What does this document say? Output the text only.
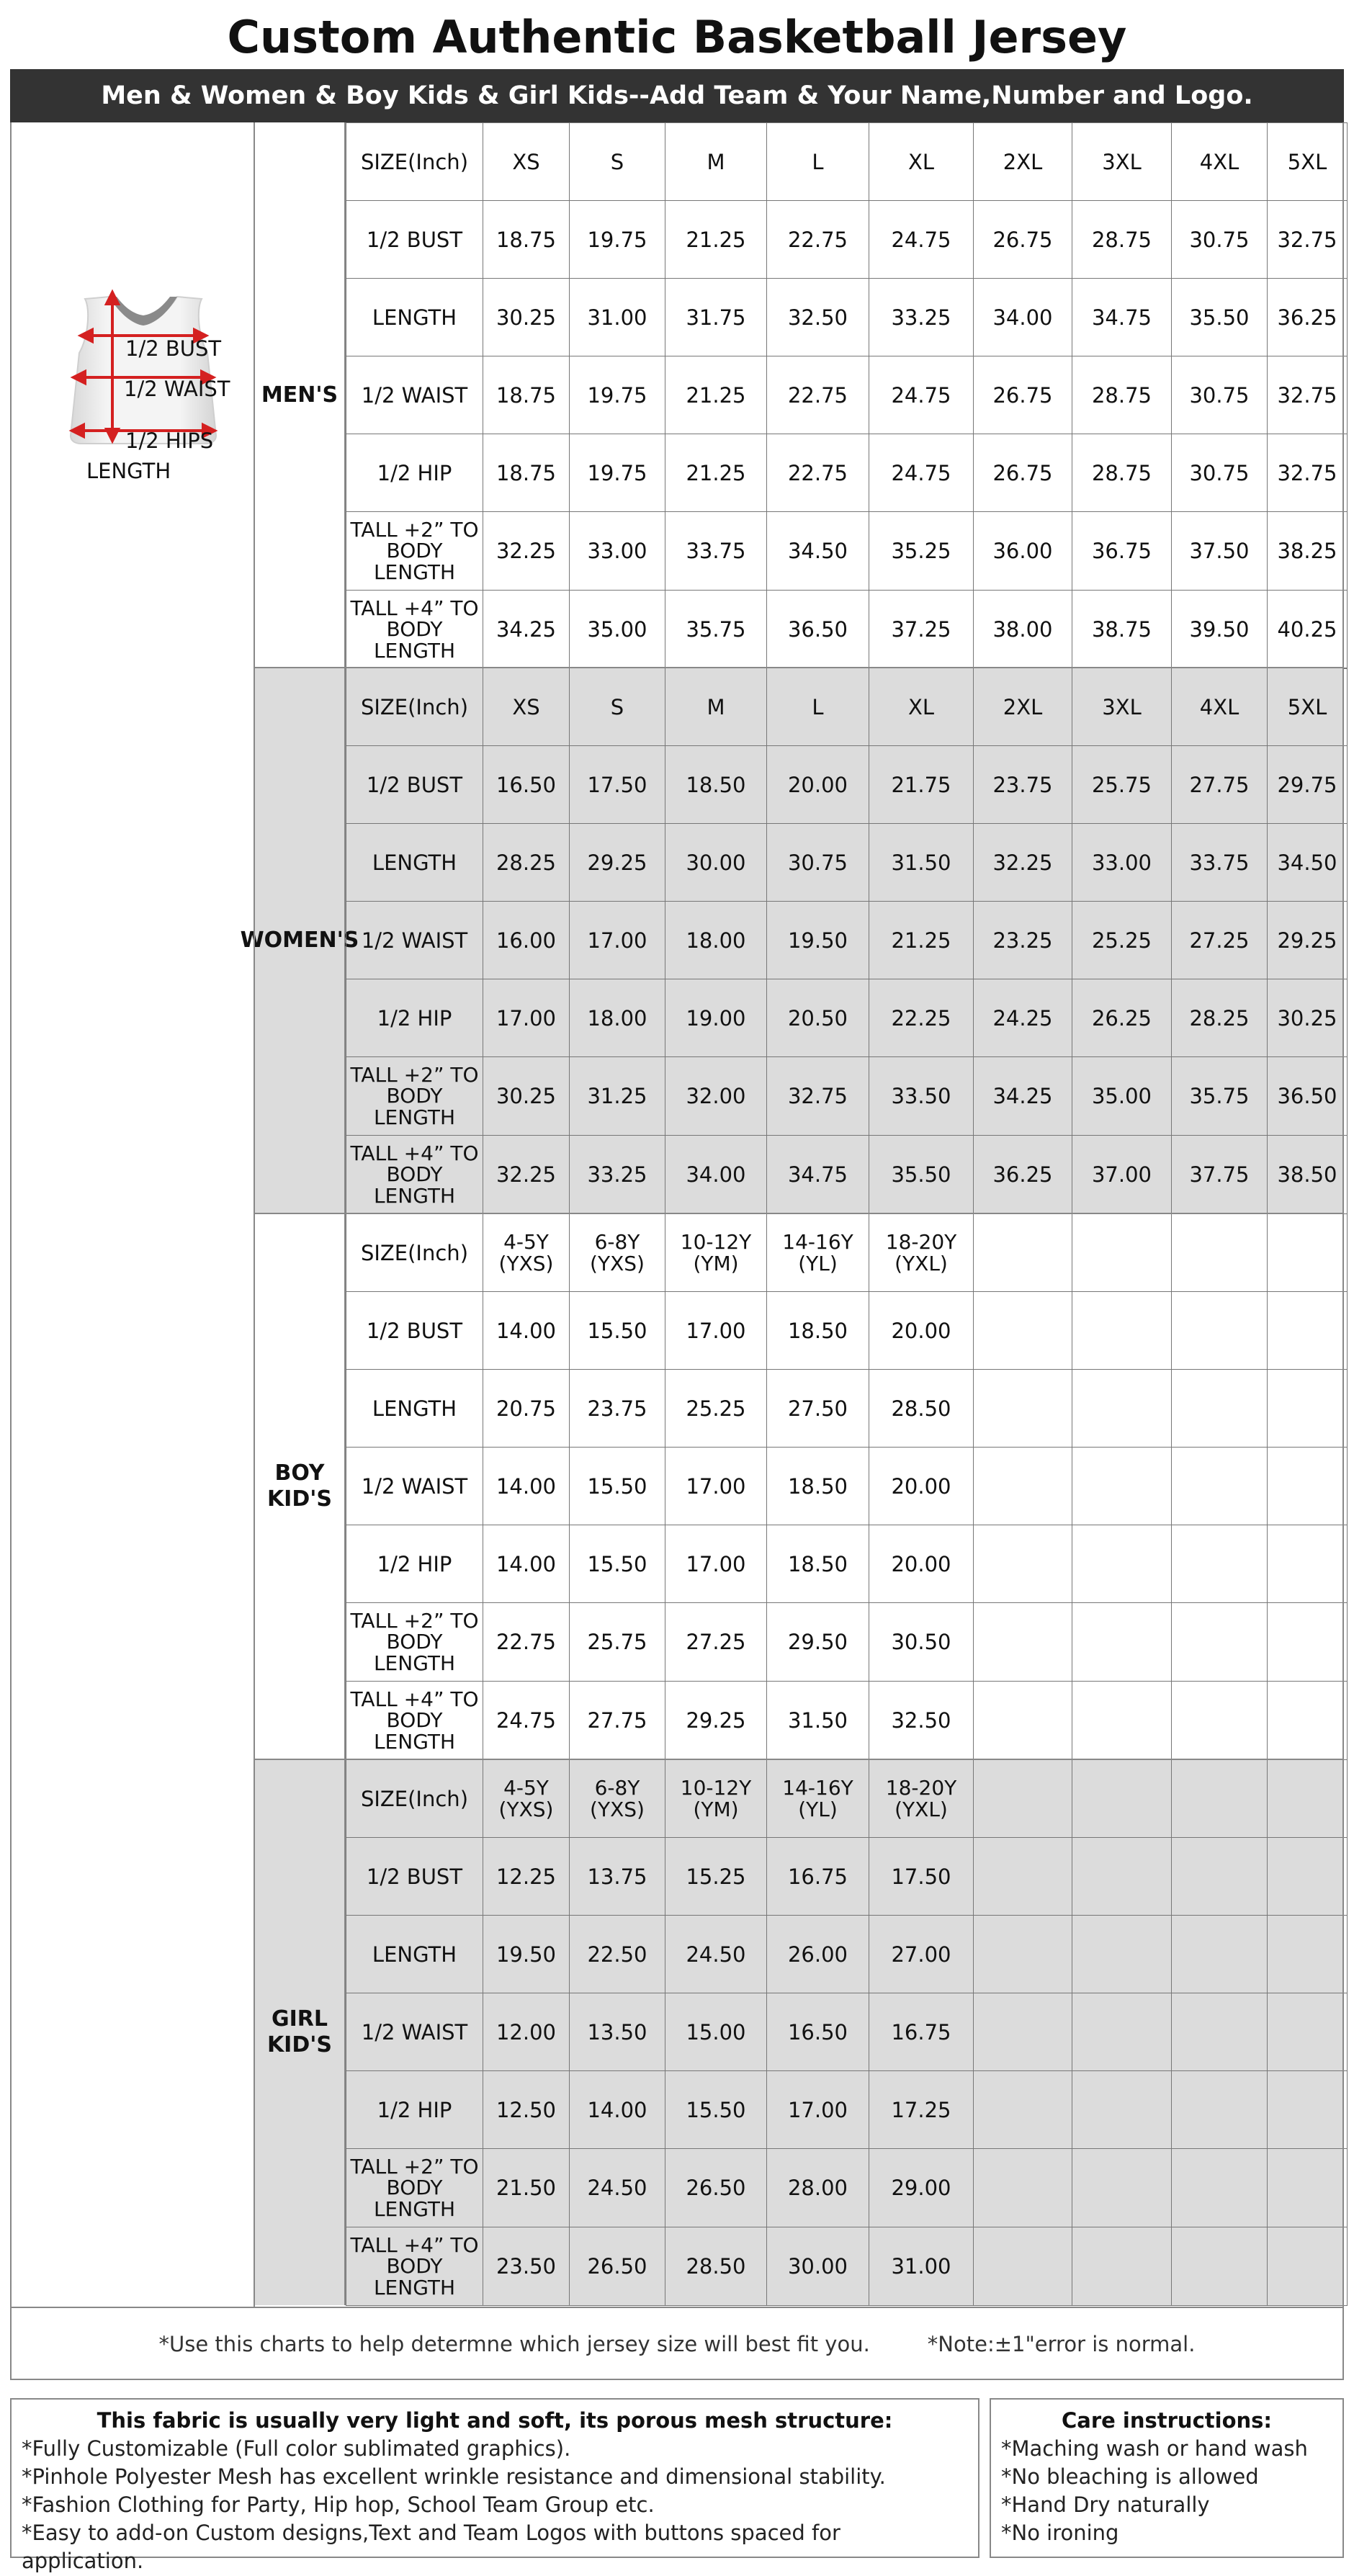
Custom Authentic Basketball Jersey
Men & Women & Boy Kids & Girl Kids--Add Team & Your Name,Number and Logo.
MEN'S
SIZE(Inch)	XS	S	M	L	XL	2XL	3XL	4XL	5XL
1/2 BUST	18.75	19.75	21.25	22.75	24.75	26.75	28.75	30.75	32.75
LENGTH	30.25	31.00	31.75	32.50	33.25	34.00	34.75	35.50	36.25
1/2 WAIST	18.75	19.75	21.25	22.75	24.75	26.75	28.75	30.75	32.75
1/2 HIP	18.75	19.75	21.25	22.75	24.75	26.75	28.75	30.75	32.75
TALL +2” TO BODY LENGTH	32.25	33.00	33.75	34.50	35.25	36.00	36.75	37.50	38.25
TALL +4” TO BODY LENGTH	34.25	35.00	35.75	36.50	37.25	38.00	38.75	39.50	40.25
WOMEN'S
SIZE(Inch)	XS	S	M	L	XL	2XL	3XL	4XL	5XL
1/2 BUST	16.50	17.50	18.50	20.00	21.75	23.75	25.75	27.75	29.75
LENGTH	28.25	29.25	30.00	30.75	31.50	32.25	33.00	33.75	34.50
1/2 WAIST	16.00	17.00	18.00	19.50	21.25	23.25	25.25	27.25	29.25
1/2 HIP	17.00	18.00	19.00	20.50	22.25	24.25	26.25	28.25	30.25
TALL +2” TO BODY LENGTH	30.25	31.25	32.00	32.75	33.50	34.25	35.00	35.75	36.50
TALL +4” TO BODY LENGTH	32.25	33.25	34.00	34.75	35.50	36.25	37.00	37.75	38.50
BOY KID'S
SIZE(Inch)	4-5Y (YXS)	6-8Y (YXS)	10-12Y (YM)	14-16Y (YL)	18-20Y (YXL)				
1/2 BUST	14.00	15.50	17.00	18.50	20.00				
LENGTH	20.75	23.75	25.25	27.50	28.50				
1/2 WAIST	14.00	15.50	17.00	18.50	20.00				
1/2 HIP	14.00	15.50	17.00	18.50	20.00				
TALL +2” TO BODY LENGTH	22.75	25.75	27.25	29.50	30.50				
TALL +4” TO BODY LENGTH	24.75	27.75	29.25	31.50	32.50				
GIRL KID'S
SIZE(Inch)	4-5Y (YXS)	6-8Y (YXS)	10-12Y (YM)	14-16Y (YL)	18-20Y (YXL)				
1/2 BUST	12.25	13.75	15.25	16.75	17.50				
LENGTH	19.50	22.50	24.50	26.00	27.00				
1/2 WAIST	12.00	13.50	15.00	16.50	16.75				
1/2 HIP	12.50	14.00	15.50	17.00	17.25				
TALL +2” TO BODY LENGTH	21.50	24.50	26.50	28.00	29.00				
TALL +4” TO BODY LENGTH	23.50	26.50	28.50	30.00	31.00				
1/2 BUST
1/2 WAIST
1/2 HIPS
LENGTH
*Use this charts to help determne which jersey size will best fit you.	*Note:±1"error is normal.
This fabric is usually very light and soft, its porous mesh structure:
*Fully Customizable (Full color sublimated graphics).
*Pinhole Polyester Mesh has excellent wrinkle resistance and dimensional stability.
*Fashion Clothing for Party, Hip hop, School Team Group etc.
*Easy to add-on Custom designs,Text and Team Logos with buttons spaced for application.
Care instructions:
*Maching wash or hand wash
*No bleaching is allowed
*Hand Dry naturally
*No ironing
